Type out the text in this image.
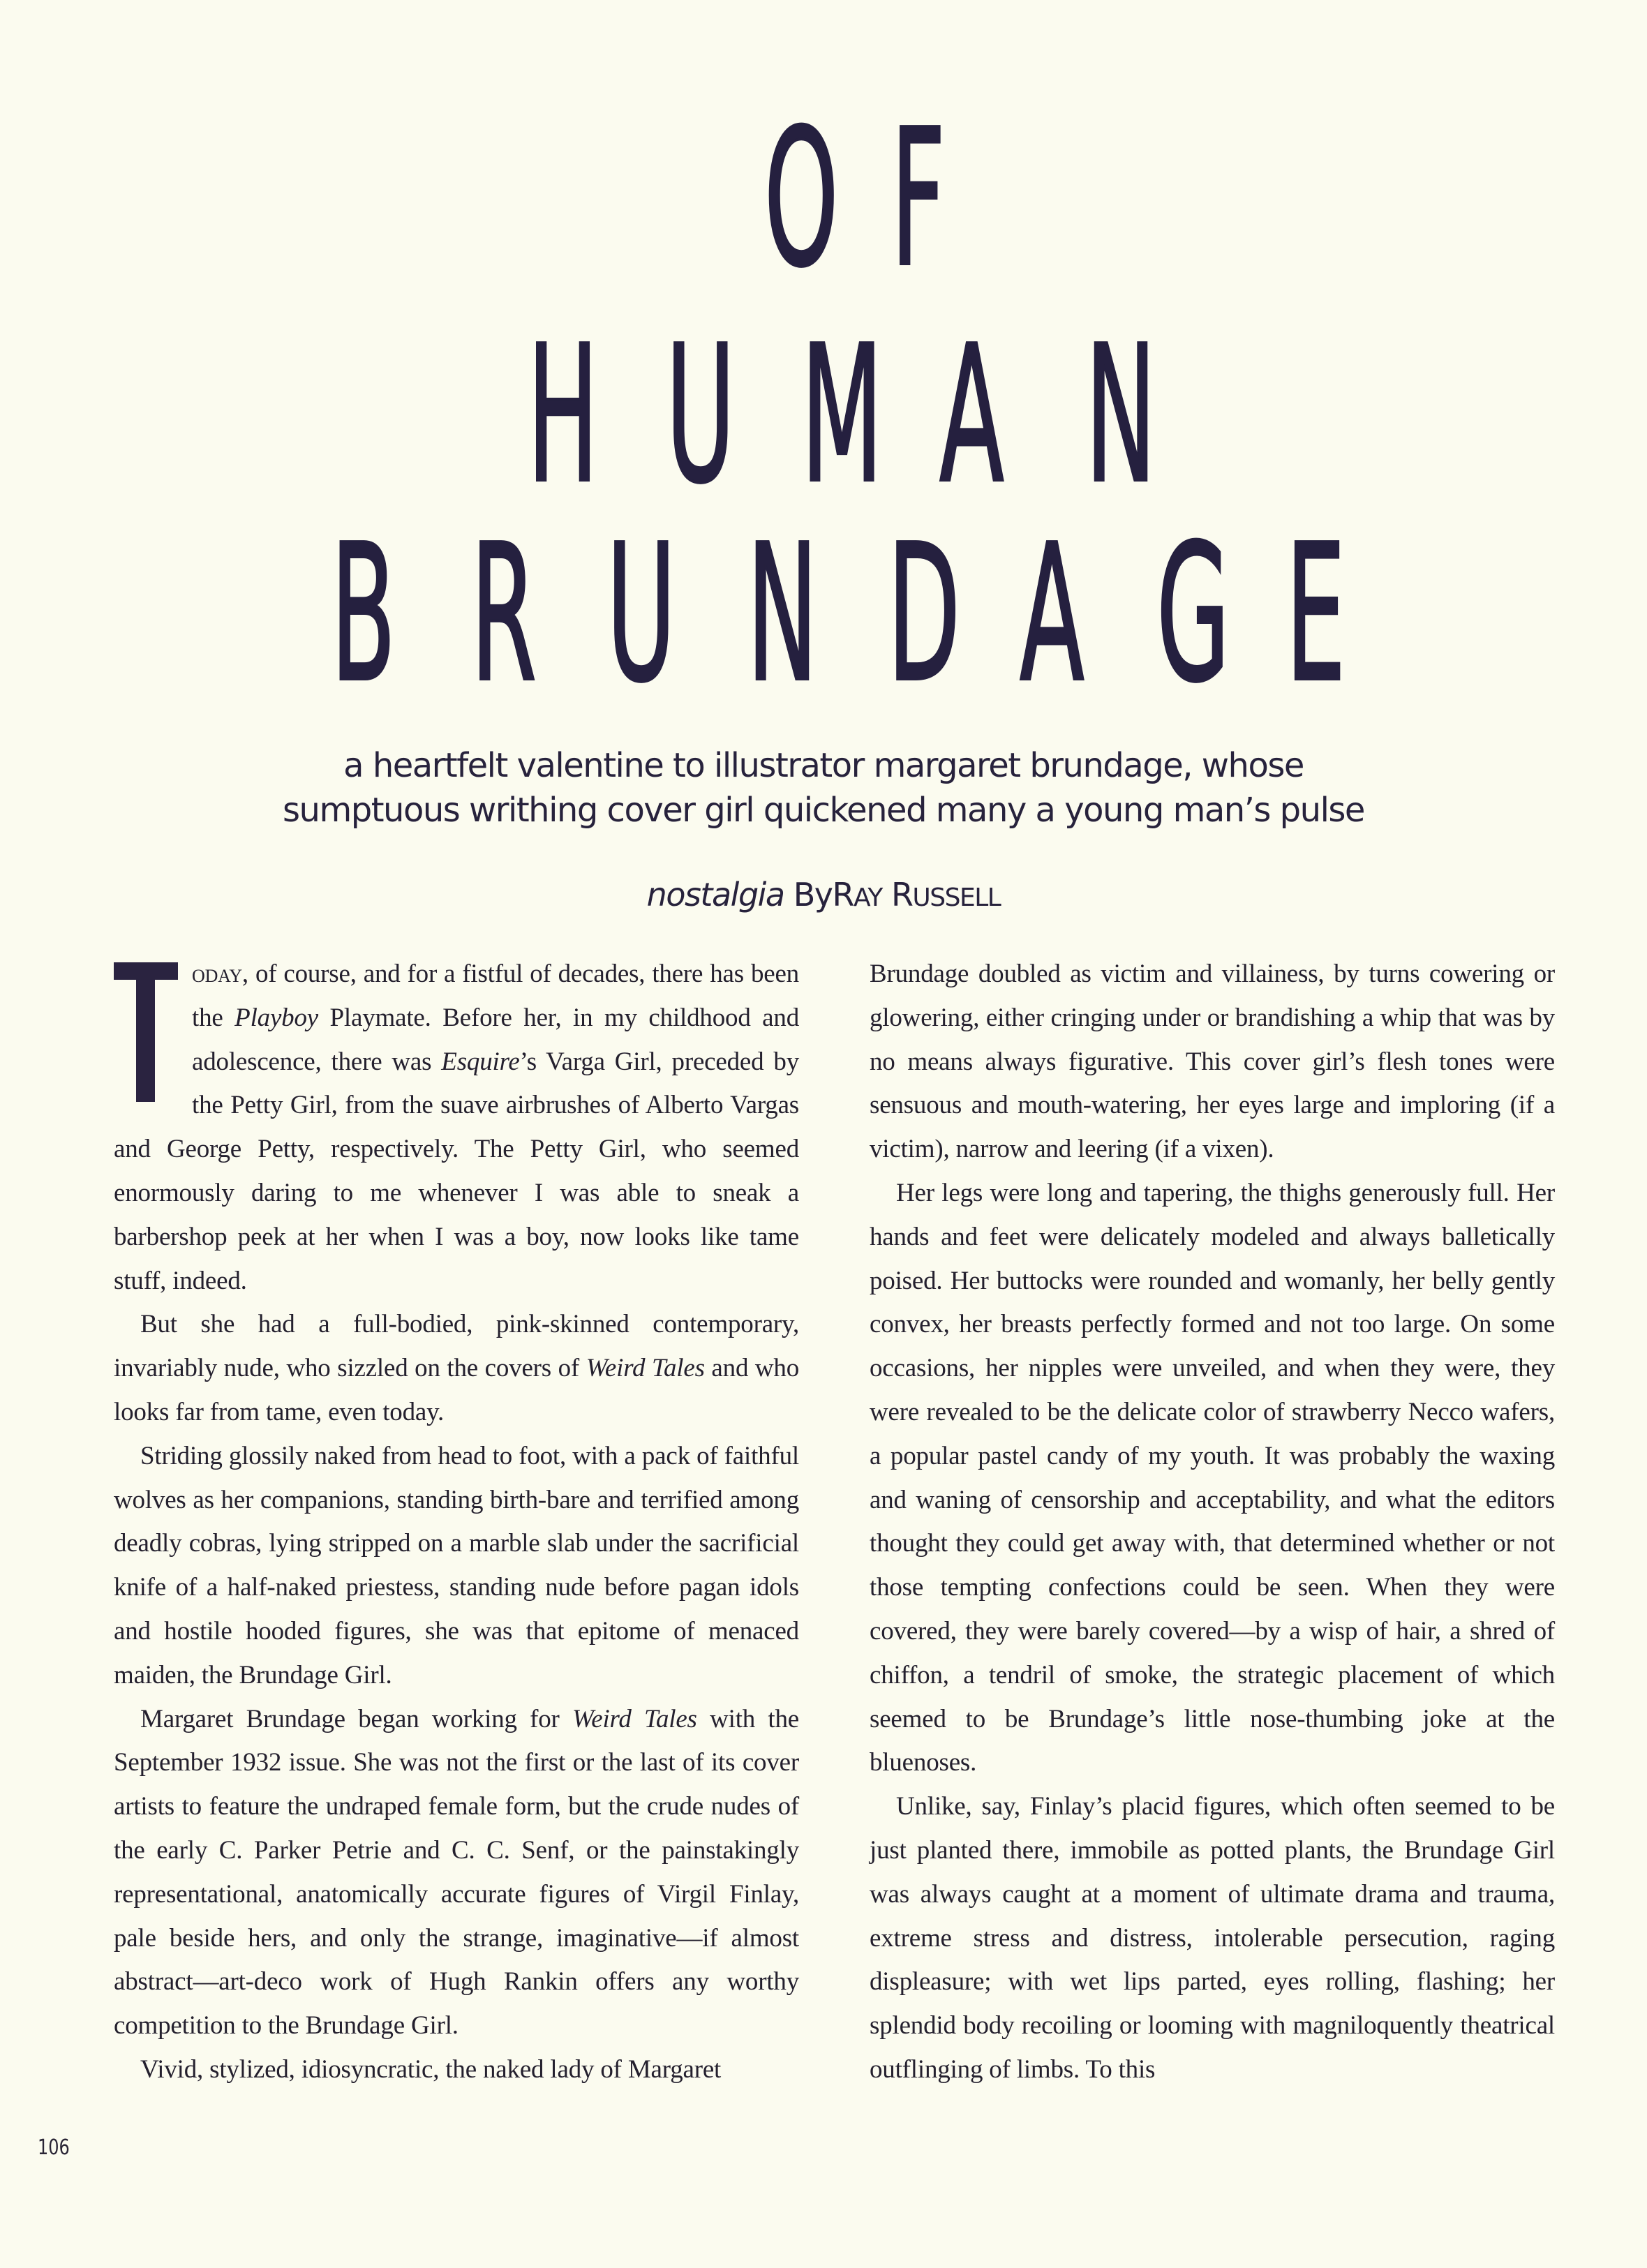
O F
H U M A N
B R U N D A G E
a heartfelt valentine to illustrator margaret brundage, whose
sumptuous writhing cover girl quickened many a young man’s pulse
nostalgia ByRAY RUSSELL

oday, of course, and for a fistful of decades, there has been the Playboy Playmate. Before her, in my childhood and adolescence, there was Esquire’s Varga Girl, preceded by the Petty Girl, from the suave airbrushes of Alberto Vargas and George Petty, respectively. The Petty Girl, who seemed enormously daring to me whenever I was able to sneak a barbershop peek at her when I was a boy, now looks like tame stuff, indeed.

But she had a full-bodied, pink-skinned contemporary, invariably nude, who sizzled on the covers of Weird Tales and who looks far from tame, even today.

Striding glossily naked from head to foot, with a pack of faithful wolves as her companions, standing birth-bare and terrified among deadly cobras, lying stripped on a marble slab under the sacrificial knife of a half-naked priestess, standing nude before pagan idols and hostile hooded figures, she was that epitome of menaced maiden, the Brundage Girl.

Margaret Brundage began working for Weird Tales with the September 1932 issue. She was not the first or the last of its cover artists to feature the undraped female form, but the crude nudes of the early C. Parker Petrie and C. C. Senf, or the painstakingly representational, anatomically accurate figures of Virgil Finlay, pale beside hers, and only the strange, imaginative—if almost abstract—art-deco work of Hugh Rankin offers any worthy competition to the Brundage Girl.

Vivid, stylized, idiosyncratic, the naked lady of Margaret

Brundage doubled as victim and villainess, by turns cowering or glowering, either cringing under or brandishing a whip that was by no means always figurative. This cover girl’s flesh tones were sensuous and mouth-watering, her eyes large and imploring (if a victim), narrow and leering (if a vixen).

Her legs were long and tapering, the thighs generously full. Her hands and feet were delicately modeled and always balletically poised. Her buttocks were rounded and womanly, her belly gently convex, her breasts perfectly formed and not too large. On some occasions, her nipples were unveiled, and when they were, they were revealed to be the delicate color of strawberry Necco wafers, a popular pastel candy of my youth. It was probably the waxing and waning of censorship and acceptability, and what the editors thought they could get away with, that determined whether or not those tempting confections could be seen. When they were covered, they were barely covered—by a wisp of hair, a shred of chiffon, a tendril of smoke, the strategic placement of which seemed to be Brundage’s little nose-thumbing joke at the bluenoses.

Unlike, say, Finlay’s placid figures, which often seemed to be just planted there, immobile as potted plants, the Brundage Girl was always caught at a moment of ultimate drama and trauma, extreme stress and distress, intolerable persecution, raging displeasure; with wet lips parted, eyes rolling, flashing; her splendid body recoiling or looming with magniloquently theatrical outflinging of limbs. To this

106
